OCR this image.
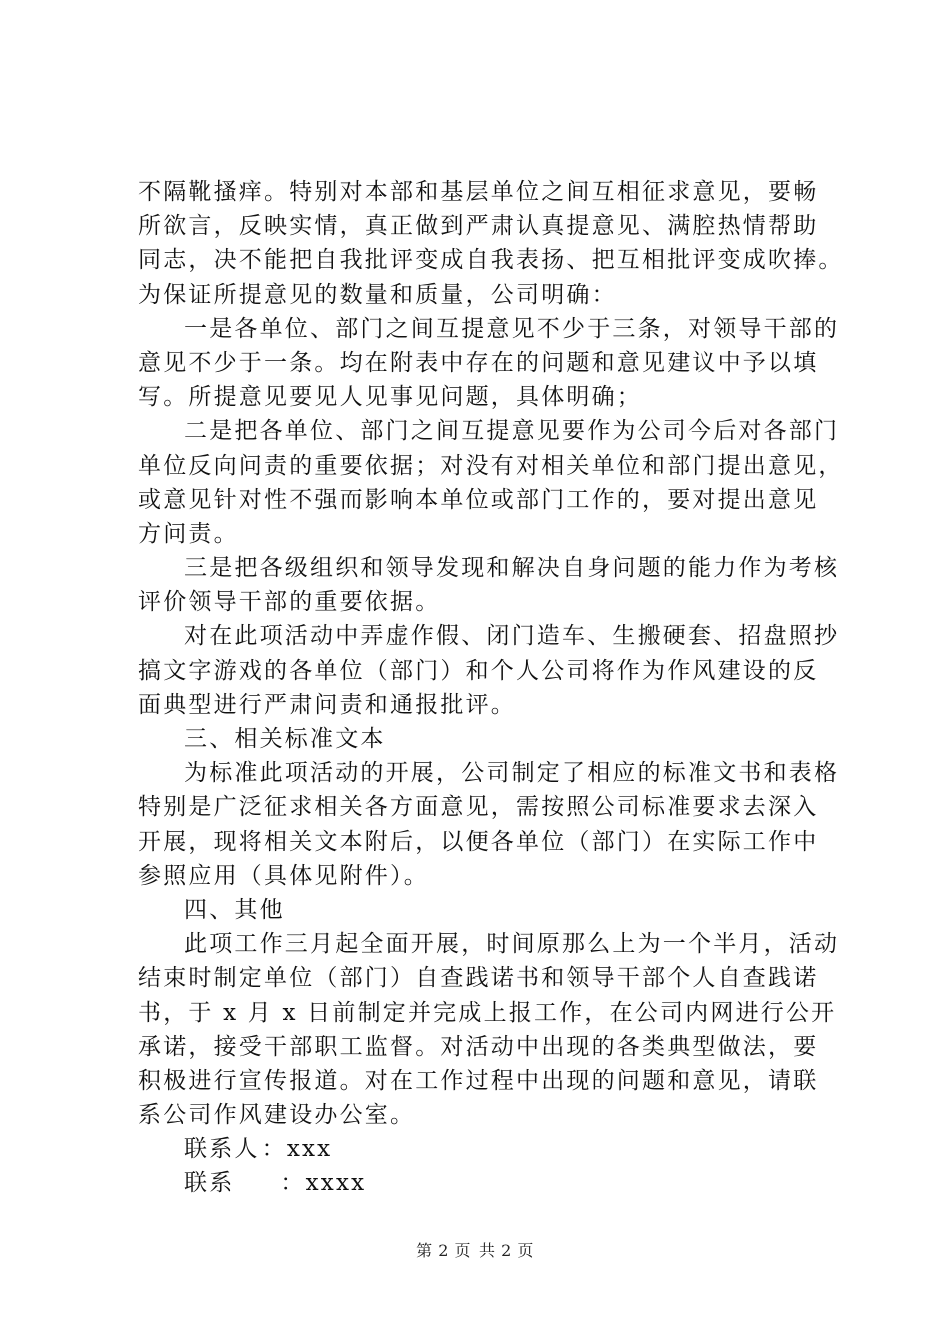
不隔靴搔痒。特别对本部和基层单位之间互相征求意见，要畅
所欲言，反映实情，真正做到严肃认真提意见、满腔热情帮助
同志，决不能把自我批评变成自我表扬、把互相批评变成吹捧。
为保证所提意见的数量和质量，公司明确：
一是各单位、部门之间互提意见不少于三条，对领导干部的
意见不少于一条。均在附表中存在的问题和意见建议中予以填
写。所提意见要见人见事见问题，具体明确；
二是把各单位、部门之间互提意见要作为公司今后对各部门
单位反向问责的重要依据；对没有对相关单位和部门提出意见，
或意见针对性不强而影响本单位或部门工作的，要对提出意见
方问责。
三是把各级组织和领导发现和解决自身问题的能力作为考核
评价领导干部的重要依据。
对在此项活动中弄虚作假、闭门造车、生搬硬套、招盘照抄
搞文字游戏的各单位（部门）和个人公司将作为作风建设的反
面典型进行严肃问责和通报批评。
三、相关标准文本
为标准此项活动的开展，公司制定了相应的标准文书和表格
特别是广泛征求相关各方面意见，需按照公司标准要求去深入
开展，现将相关文本附后，以便各单位（部门）在实际工作中
参照应用（具体见附件）。
四、其他
此项工作三月起全面开展，时间原那么上为一个半月，活动
结束时制定单位（部门）自查践诺书和领导干部个人自查践诺
书，于 x 月 x 日前制定并完成上报工作，在公司内网进行公开
承诺，接受干部职工监督。对活动中出现的各类典型做法，要
积极进行宣传报道。对在工作过程中出现的问题和意见，请联
系公司作风建设办公室。
联系人：xxx
联系 ：xxxx
第 2 页 共 2 页
